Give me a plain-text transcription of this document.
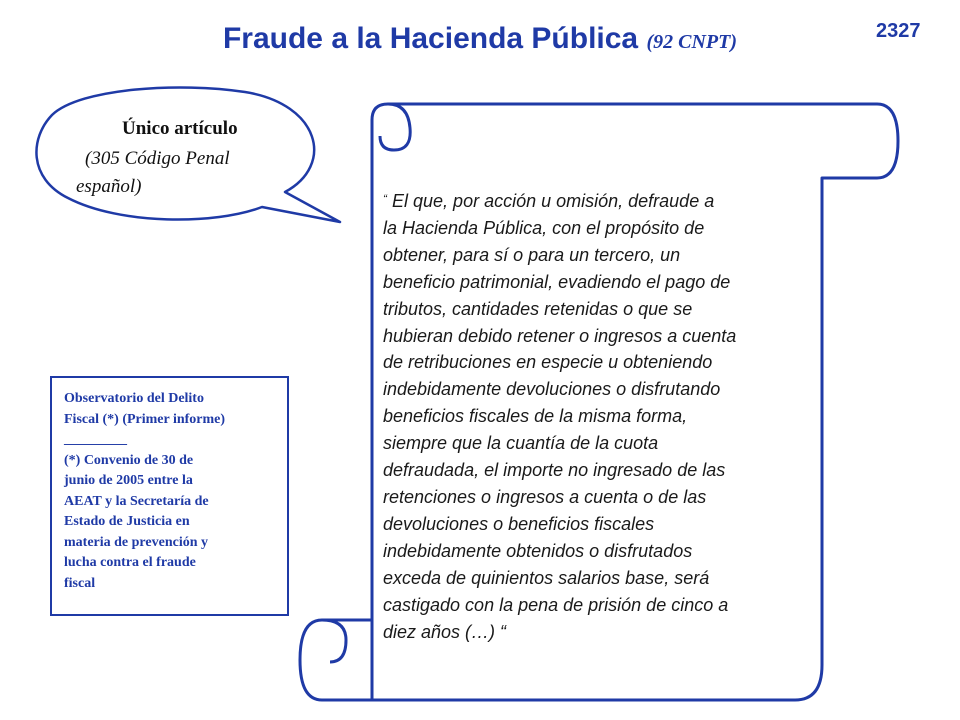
Fraude a la Hacienda Pública (92 CNPT)	2327
Único artículo
(305 Código Penal
español)
“ El que, por acción u omisión, defraude a
la Hacienda Pública, con el propósito de
obtener, para sí o para un tercero, un
beneficio patrimonial, evadiendo el pago de
tributos, cantidades retenidas o que se
hubieran debido retener o ingresos a cuenta
de retribuciones en especie u obteniendo
indebidamente devoluciones o disfrutando
beneficios fiscales de la misma forma,
siempre que la cuantía de la cuota
defraudada, el importe no ingresado de las
retenciones o ingresos a cuenta o de las
devoluciones o beneficios fiscales
indebidamente obtenidos o disfrutados
exceda de quinientos salarios base, será
castigado con la pena de prisión de cinco a
diez años (…) “
Observatorio del Delito
Fiscal (*) (Primer informe)
_________
(*) Convenio de 30 de
junio de 2005 entre la
AEAT y la Secretaría de
Estado de Justicia en
materia de prevención y
lucha contra el fraude
fiscal
